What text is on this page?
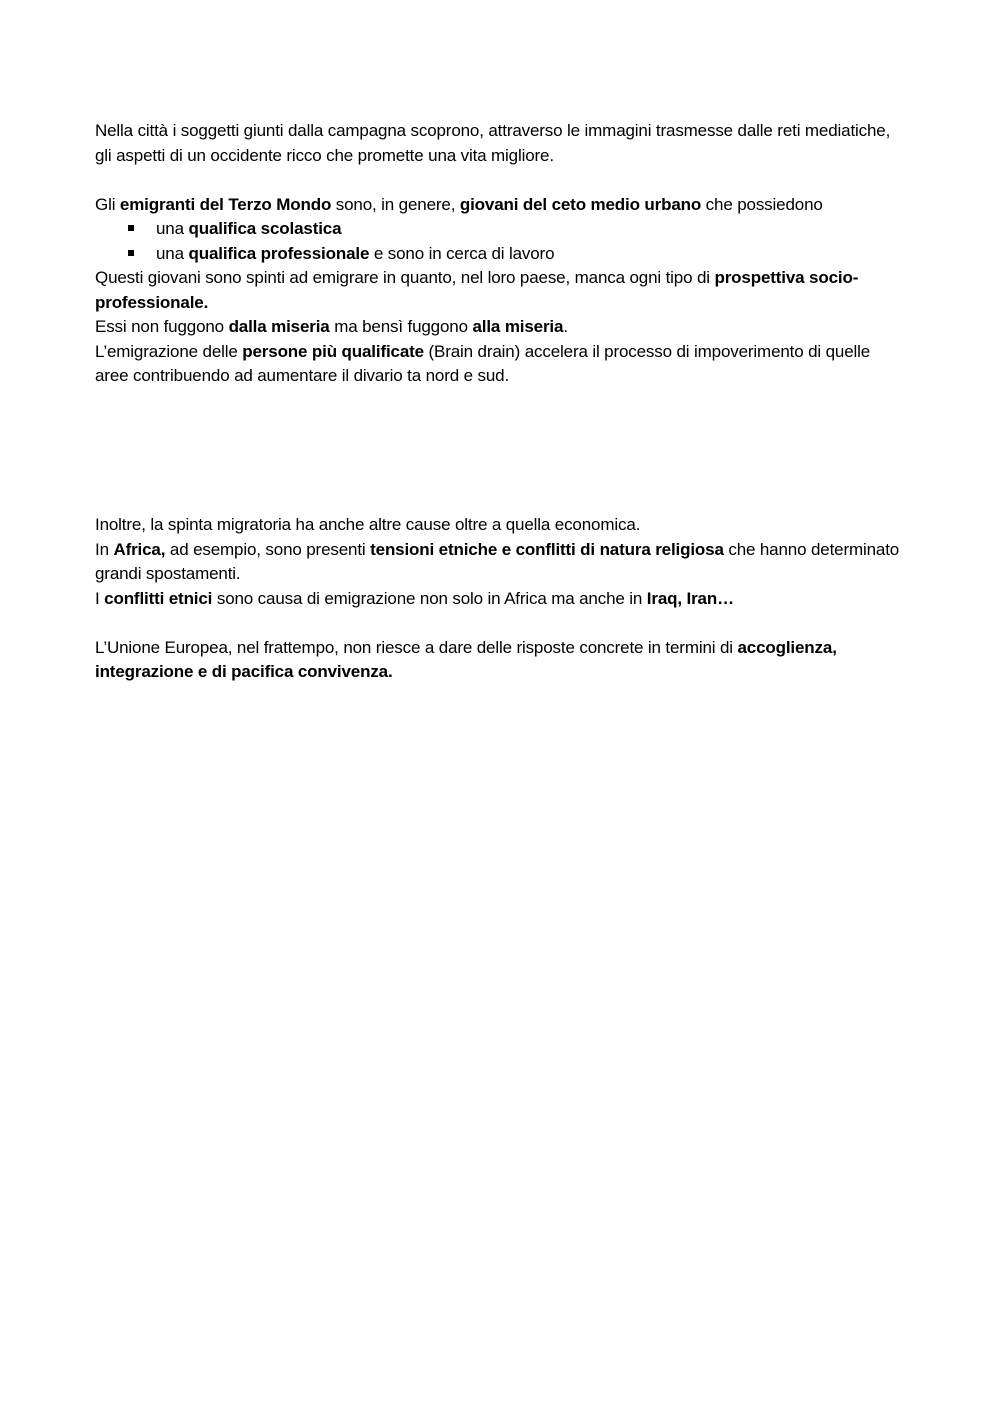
Nella città i soggetti giunti dalla campagna scoprono, attraverso le immagini trasmesse dalle reti mediatiche, gli aspetti di un occidente ricco che promette una vita migliore.

Gli emigranti del Terzo Mondo sono, in genere, giovani del ceto medio urbano che possiedono

una qualifica scolastica
una qualifica professionale e sono in cerca di lavoro

Questi giovani sono spinti ad emigrare in quanto, nel loro paese, manca ogni tipo di prospettiva socio-professionale.

Essi non fuggono dalla miseria ma bensì fuggono alla miseria.

L’emigrazione delle persone più qualificate (Brain drain) accelera il processo di impoverimento di quelle aree contribuendo ad aumentare il divario ta nord e sud.

Inoltre, la spinta migratoria ha anche altre cause oltre a quella economica.

In Africa, ad esempio, sono presenti tensioni etniche e conflitti di natura religiosa che hanno determinato grandi spostamenti.

I conflitti etnici sono causa di emigrazione non solo in Africa ma anche in Iraq, Iran…

L’Unione Europea, nel frattempo, non riesce a dare delle risposte concrete in termini di accoglienza, integrazione e di pacifica convivenza.
